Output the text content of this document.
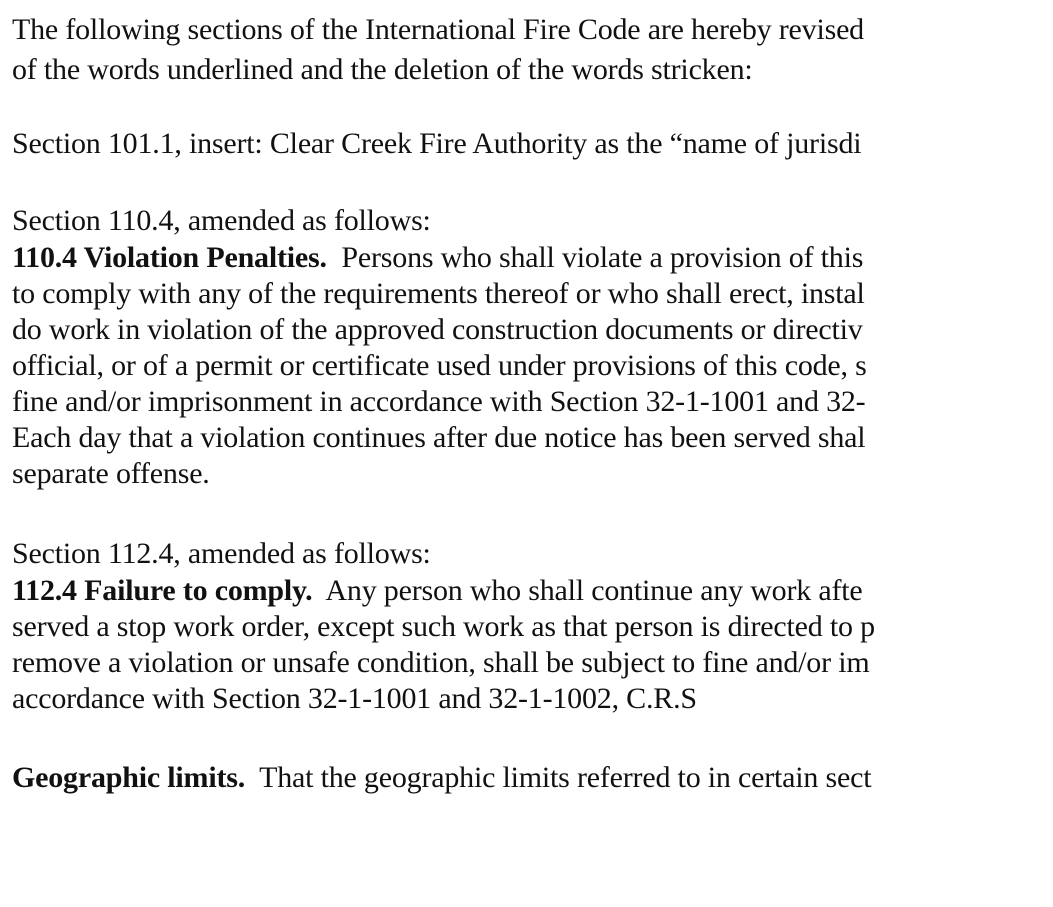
The following sections of the International Fire Code are hereby revised
of the words underlined and the deletion of the words stricken:
Section 101.1, insert: Clear Creek Fire Authority as the “name of jurisdi
Section 110.4, amended as follows:
110.4 Violation Penalties.  Persons who shall violate a provision of this
to comply with any of the requirements thereof or who shall erect, instal
do work in violation of the approved construction documents or directiv
official, or of a permit or certificate used under provisions of this code, s
fine and/or imprisonment in accordance with Section 32-1-1001 and 32-
Each day that a violation continues after due notice has been served shal
separate offense.
Section 112.4, amended as follows:
112.4 Failure to comply.  Any person who shall continue any work afte
served a stop work order, except such work as that person is directed to p
remove a violation or unsafe condition, shall be subject to fine and/or im
accordance with Section 32-1-1001 and 32-1-1002, C.R.S
Geographic limits.  That the geographic limits referred to in certain sect
